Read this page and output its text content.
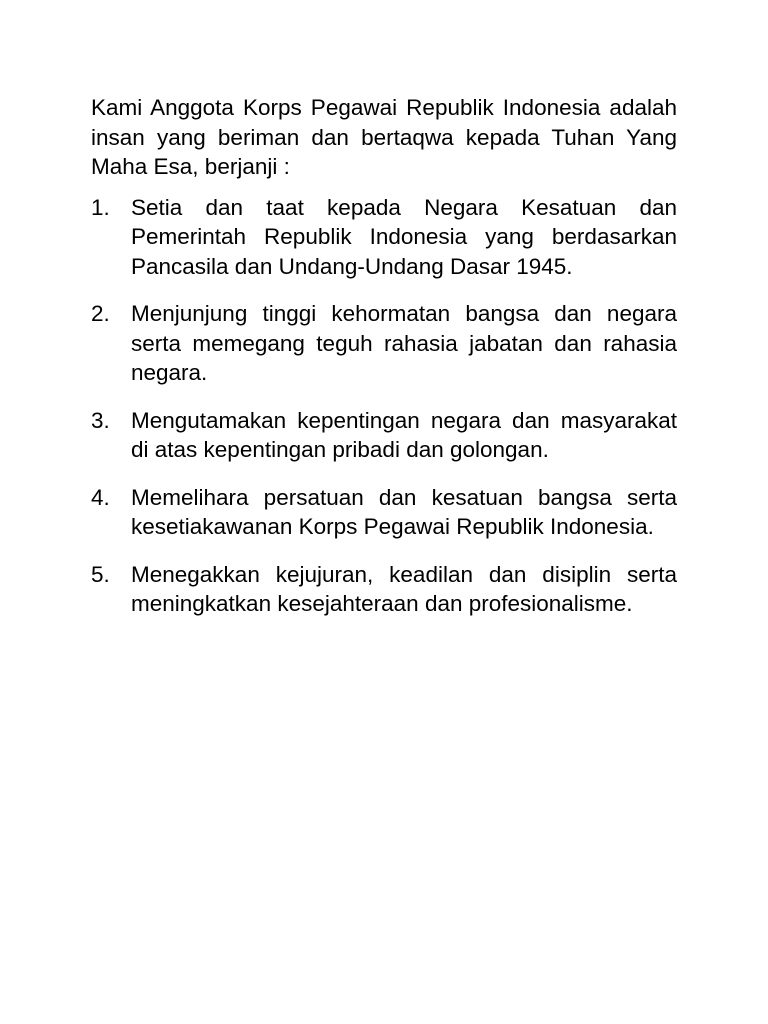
Kami Anggota Korps Pegawai Republik Indonesia adalah insan yang beriman dan bertaqwa kepada Tuhan Yang Maha Esa, berjanji :

1. Setia dan taat kepada Negara Kesatuan dan Pemerintah Republik Indonesia yang berdasarkan Pancasila dan Undang-Undang Dasar 1945.
2. Menjunjung tinggi kehormatan bangsa dan negara serta memegang teguh rahasia jabatan dan rahasia negara.
3. Mengutamakan kepentingan negara dan masyarakat di atas kepentingan pribadi dan golongan.
4. Memelihara persatuan dan kesatuan bangsa serta kesetiakawanan Korps Pegawai Republik Indonesia.
5. Menegakkan kejujuran, keadilan dan disiplin serta meningkatkan kesejahteraan dan profesionalisme.
